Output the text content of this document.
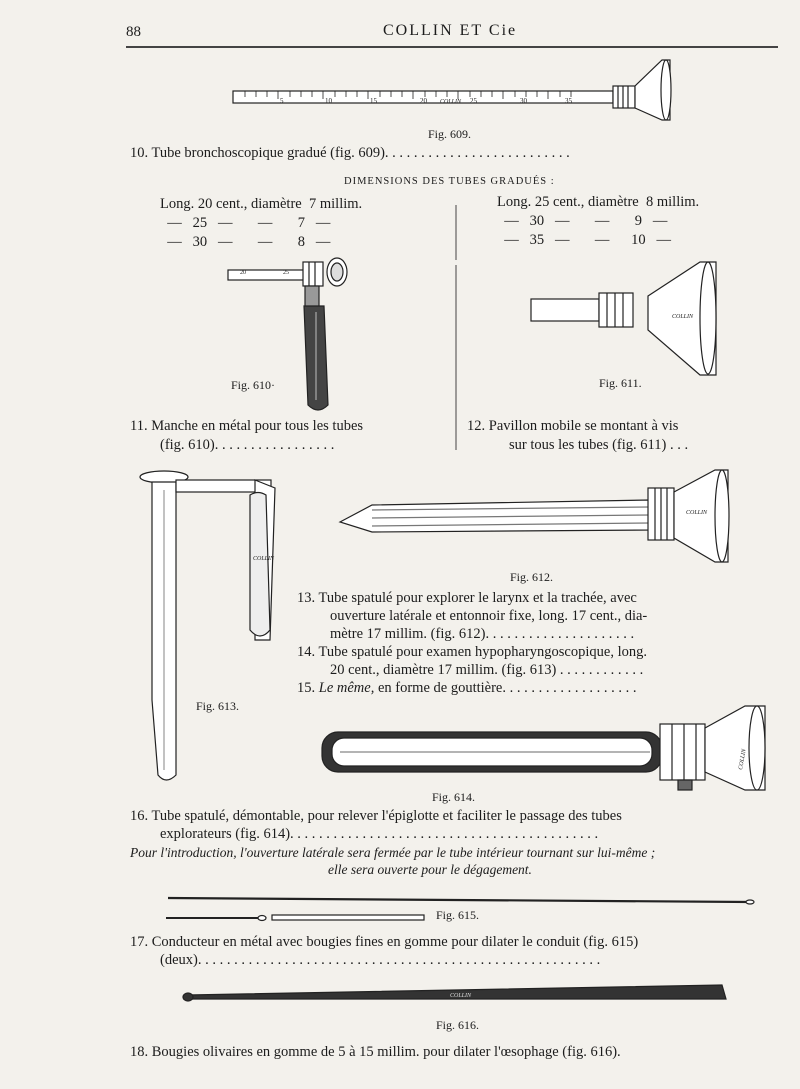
88	COLLIN ET Cie
5	10	15	20	25	30	35
COLLIN
20	25
COLLIN
COLLIN
COLLIN
COLLIN
COLLIN
Fig. 609.
Fig. 610·	Fig. 611.
Fig. 612.
Fig. 613.
Fig. 614.
Fig. 615.
Fig. 616.
10. Tube bronchoscopique gradué (fig. 609). . . . . . . . . . . . . . . . . . . . . . . . . .
DIMENSIONS DES TUBES GRADUÉS :
Long. 20 cent., diamètre  7 millim.
—   25   —       —       7   —
—   30   —       —       8   —
Long. 25 cent., diamètre  8 millim.
—   30   —       —       9   —
—   35   —       —      10   —
11. Manche en métal pour tous les tubes
(fig. 610). . . . . . . . . . . . . . . . .
12. Pavillon mobile se montant à vis
sur tous les tubes (fig. 611) . . .
13. Tube spatulé pour explorer le larynx et la trachée, avec
ouverture latérale et entonnoir fixe, long. 17 cent., dia-
mètre 17 millim. (fig. 612). . . . . . . . . . . . . . . . . . . . .
14. Tube spatulé pour examen hypopharyngoscopique, long.
20 cent., diamètre 17 millim. (fig. 613) . . . . . . . . . . . .
15. Le même, en forme de gouttière. . . . . . . . . . . . . . . . . . .
16. Tube spatulé, démontable, pour relever l'épiglotte et faciliter le passage des tubes
explorateurs (fig. 614). . . . . . . . . . . . . . . . . . . . . . . . . . . . . . . . . . . . . . . . . . .
Pour l'introduction, l'ouverture latérale sera fermée par le tube intérieur tournant sur lui-même ;
elle sera ouverte pour le dégagement.
17. Conducteur en métal avec bougies fines en gomme pour dilater le conduit (fig. 615)
(deux). . . . . . . . . . . . . . . . . . . . . . . . . . . . . . . . . . . . . . . . . . . . . . . . . . . . . . . .
18. Bougies olivaires en gomme de 5 à 15 millim. pour dilater l'œsophage (fig. 616).
